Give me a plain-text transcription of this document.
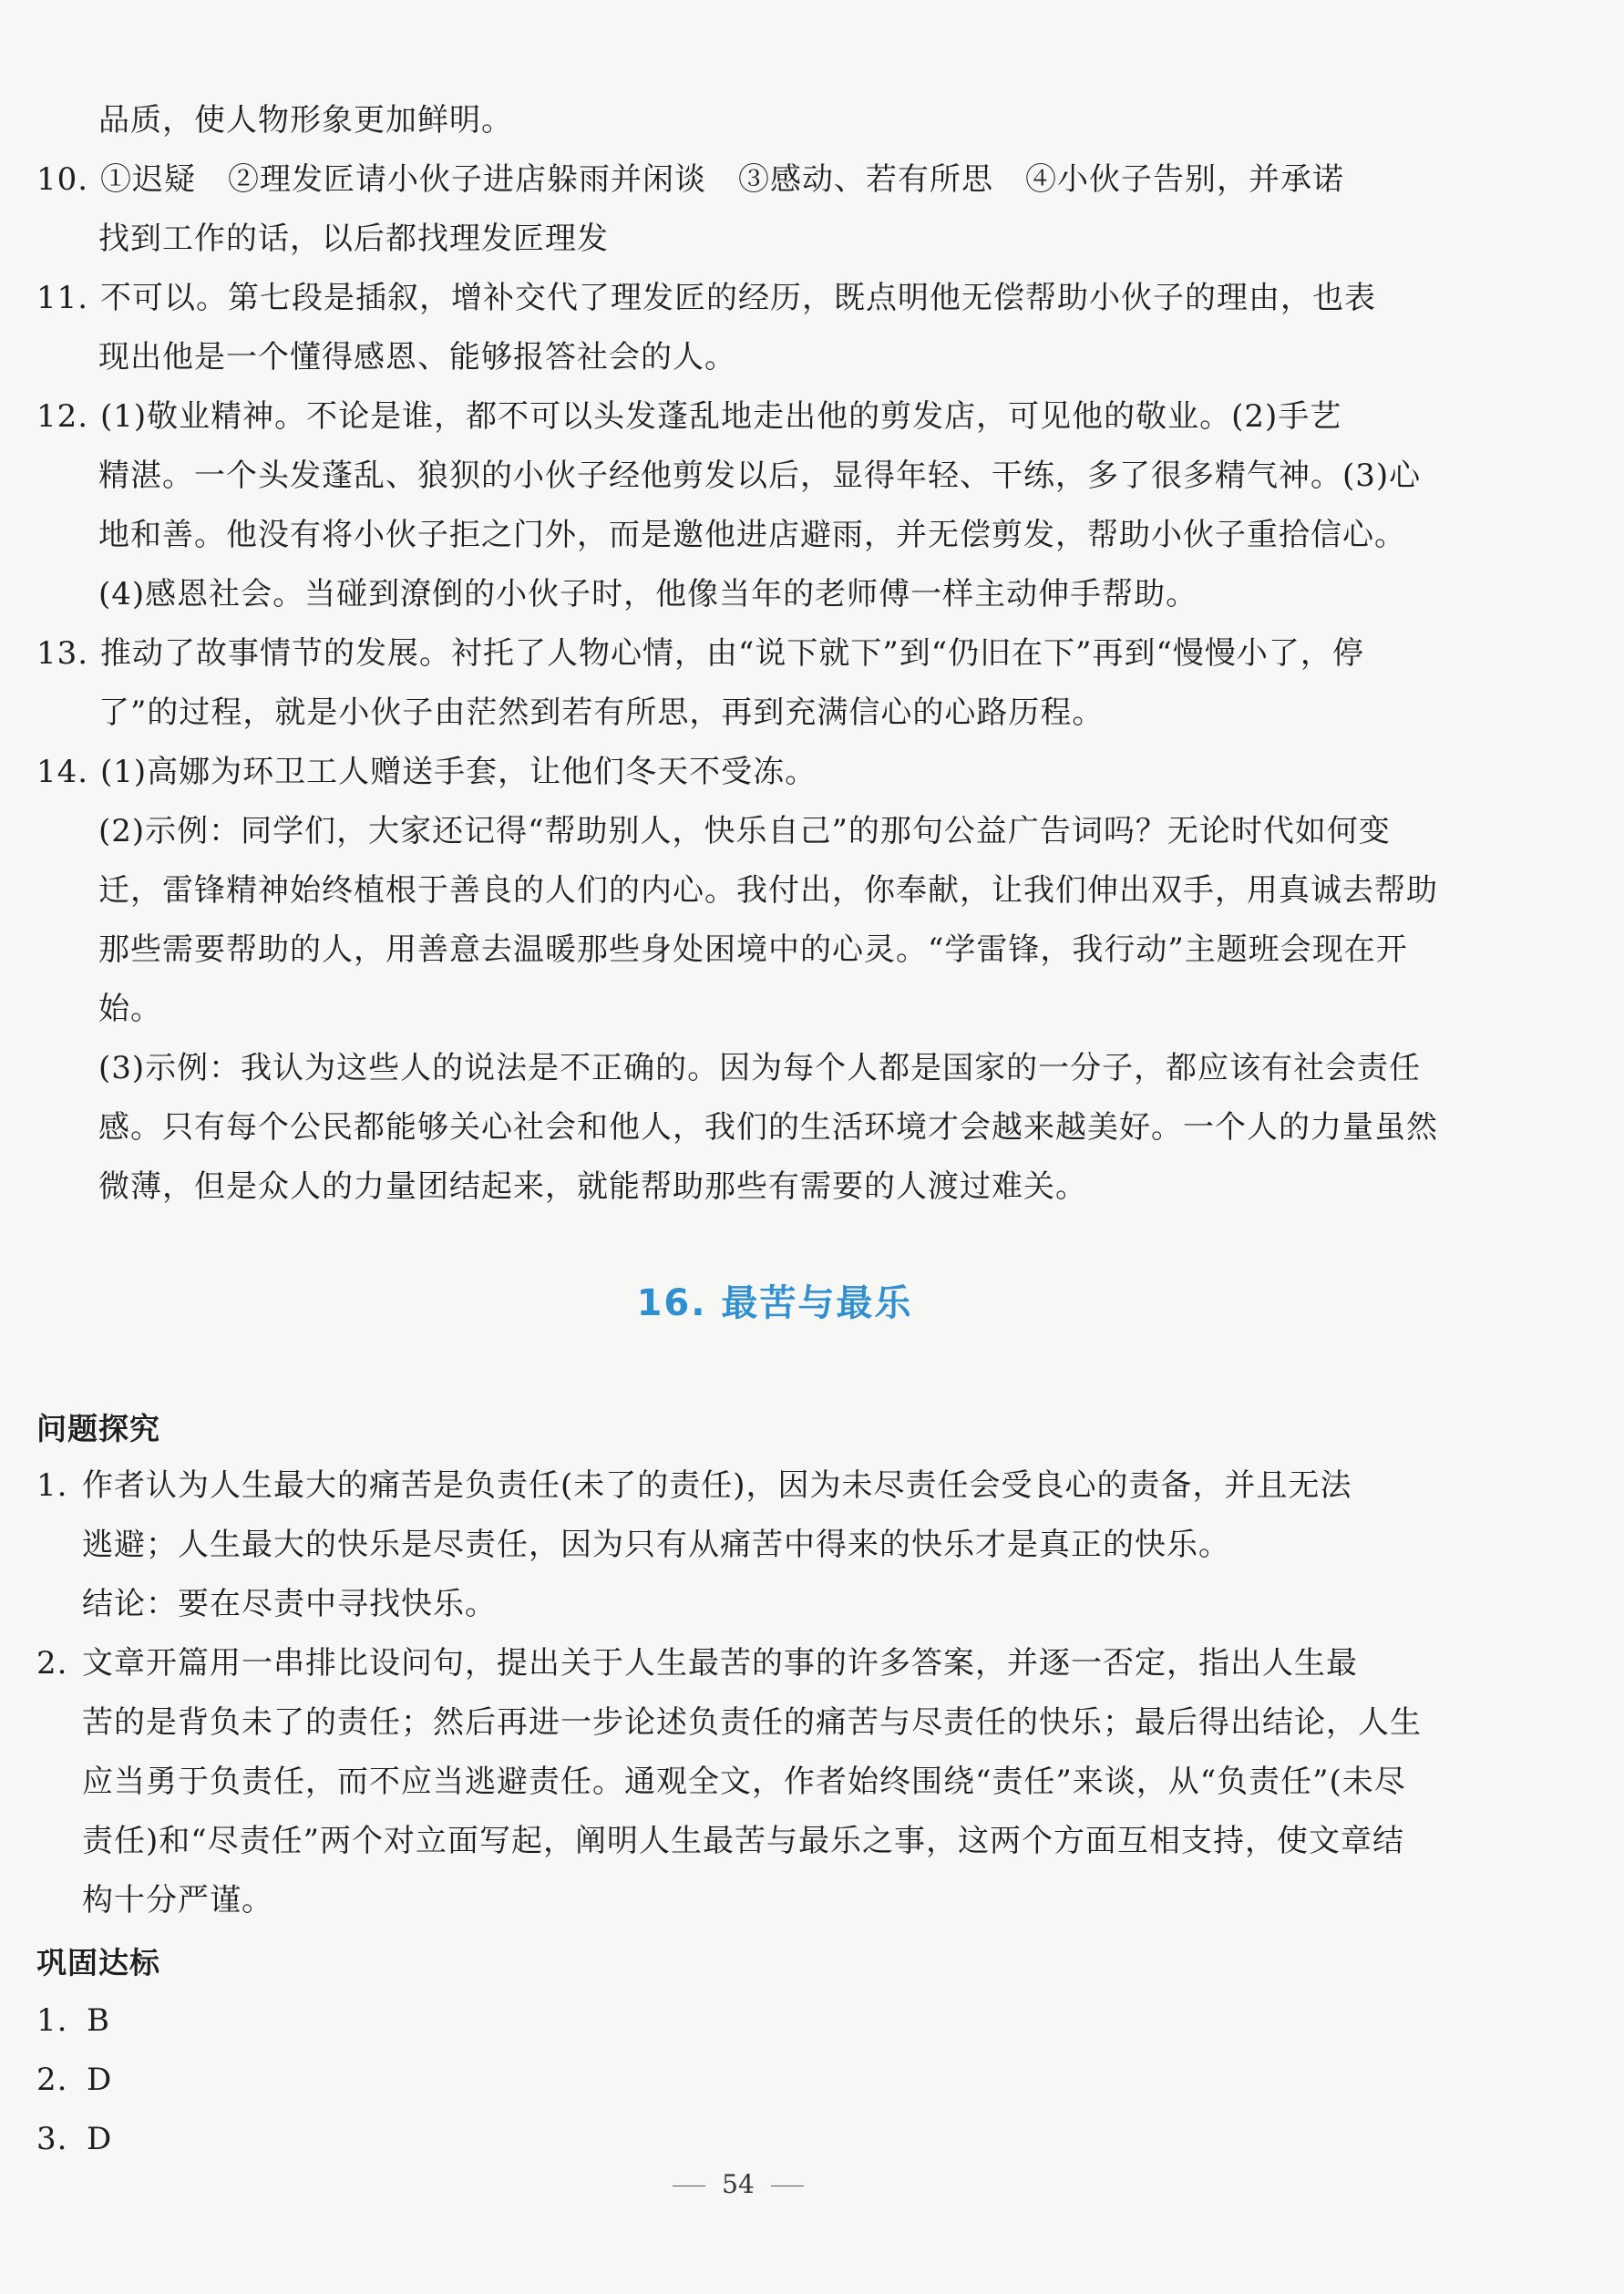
品质，使人物形象更加鲜明。

10. ①迟疑　②理发匠请小伙子进店躲雨并闲谈　③感动、若有所思　④小伙子告别，并承诺

找到工作的话，以后都找理发匠理发

11. 不可以。第七段是插叙，增补交代了理发匠的经历，既点明他无偿帮助小伙子的理由，也表

现出他是一个懂得感恩、能够报答社会的人。

12. (1)敬业精神。不论是谁，都不可以头发蓬乱地走出他的剪发店，可见他的敬业。(2)手艺

精湛。一个头发蓬乱、狼狈的小伙子经他剪发以后，显得年轻、干练，多了很多精气神。(3)心地和善。他没有将小伙子拒之门外，而是邀他进店避雨，并无偿剪发，帮助小伙子重拾信心。(4)感恩社会。当碰到潦倒的小伙子时，他像当年的老师傅一样主动伸手帮助。

13. 推动了故事情节的发展。衬托了人物心情，由“说下就下”到“仍旧在下”再到“慢慢小了，停

了”的过程，就是小伙子由茫然到若有所思，再到充满信心的心路历程。

14. (1)高娜为环卫工人赠送手套，让他们冬天不受冻。

(2)示例：同学们，大家还记得“帮助别人，快乐自己”的那句公益广告词吗？无论时代如何变迁，雷锋精神始终植根于善良的人们的内心。我付出，你奉献，让我们伸出双手，用真诚去帮助那些需要帮助的人，用善意去温暖那些身处困境中的心灵。“学雷锋，我行动”主题班会现在开始。

(3)示例：我认为这些人的说法是不正确的。因为每个人都是国家的一分子，都应该有社会责任感。只有每个公民都能够关心社会和他人，我们的生活环境才会越来越美好。一个人的力量虽然微薄，但是众人的力量团结起来，就能帮助那些有需要的人渡过难关。

16. 最苦与最乐
问题探究

1. 作者认为人生最大的痛苦是负责任(未了的责任)，因为未尽责任会受良心的责备，并且无法

逃避；人生最大的快乐是尽责任，因为只有从痛苦中得来的快乐才是真正的快乐。

结论：要在尽责中寻找快乐。

2. 文章开篇用一串排比设问句，提出关于人生最苦的事的许多答案，并逐一否定，指出人生最

苦的是背负未了的责任；然后再进一步论述负责任的痛苦与尽责任的快乐；最后得出结论，人生应当勇于负责任，而不应当逃避责任。通观全文，作者始终围绕“责任”来谈，从“负责任”(未尽责任)和“尽责任”两个对立面写起，阐明人生最苦与最乐之事，这两个方面互相支持，使文章结构十分严谨。

巩固达标
1. B
2. D
3. D
54
